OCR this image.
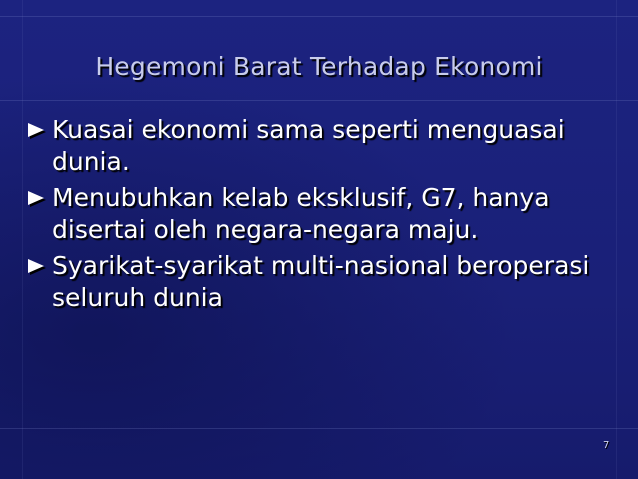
Hegemoni Barat Terhadap Ekonomi
Kuasai ekonomi sama seperti menguasai dunia.
Menubuhkan kelab eksklusif, G7, hanya disertai oleh negara-negara maju.
Syarikat-syarikat multi-nasional beroperasi seluruh dunia
7
